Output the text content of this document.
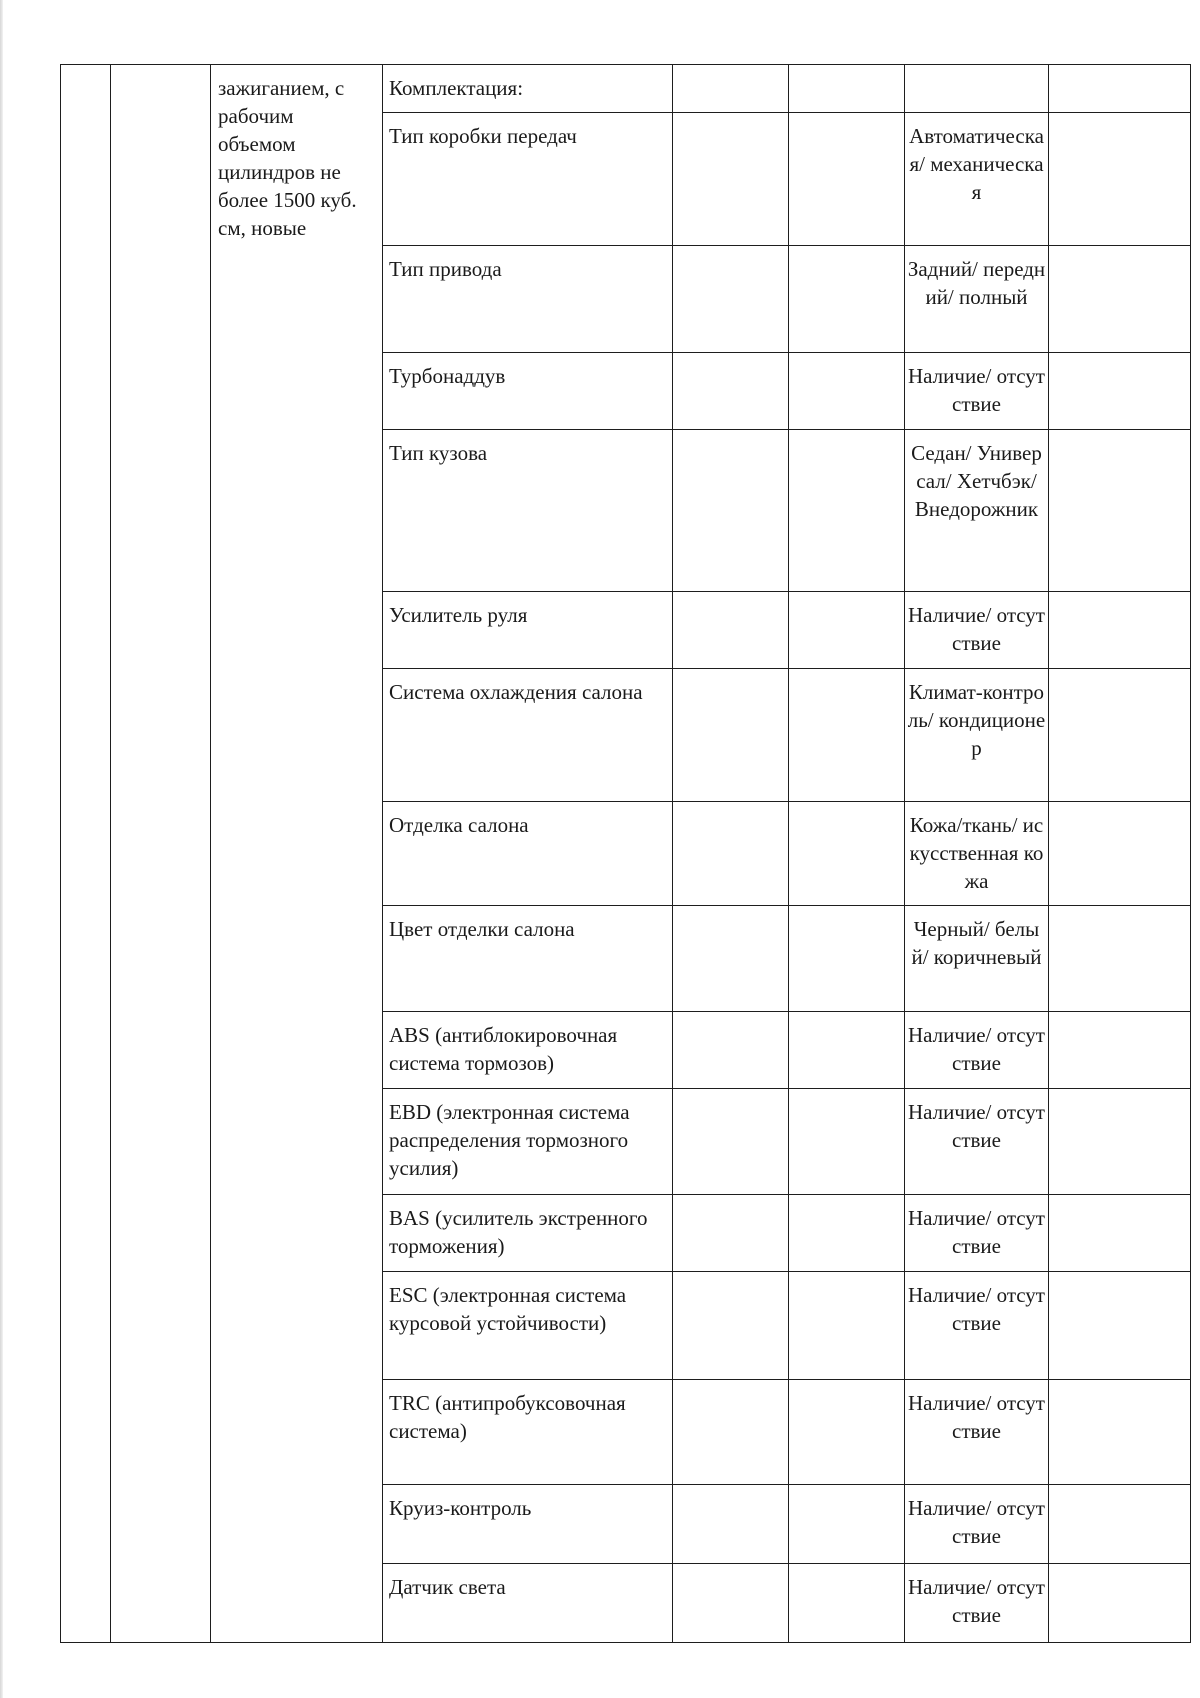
		зажиганием, с рабочим объемом цилиндров не более 1500 куб. см, новые	Комплектация:				
			Тип коробки передач			Автоматическая/ механическая	

			Тип привода			Задний/ передний/ полный	

			Турбонаддув			Наличие/ отсутствие	

			Тип кузова			Седан/ Универсал/ Хетчбэк/ Внедорожник	

			Усилитель руля			Наличие/ отсутствие	

			Система охлаждения салона			Климат-контроль/ кондиционер	

			Отделка салона			Кожа/ткань/ искусственная кожа	

			Цвет отделки салона			Черный/ белый/ коричневый	

			ABS (антиблокировочная система тормозов)			Наличие/ отсутствие	

			EBD (электронная система распределения тормозного усилия)			Наличие/ отсутствие	

			BAS (усилитель экстренного торможения)			Наличие/ отсутствие	

			ESC (электронная система курсовой устойчивости)			Наличие/ отсутствие	

			TRC (антипробуксовочная система)			Наличие/ отсутствие	

			Круиз-контроль			Наличие/ отсутствие	

			Датчик света			Наличие/ отсутствие	
